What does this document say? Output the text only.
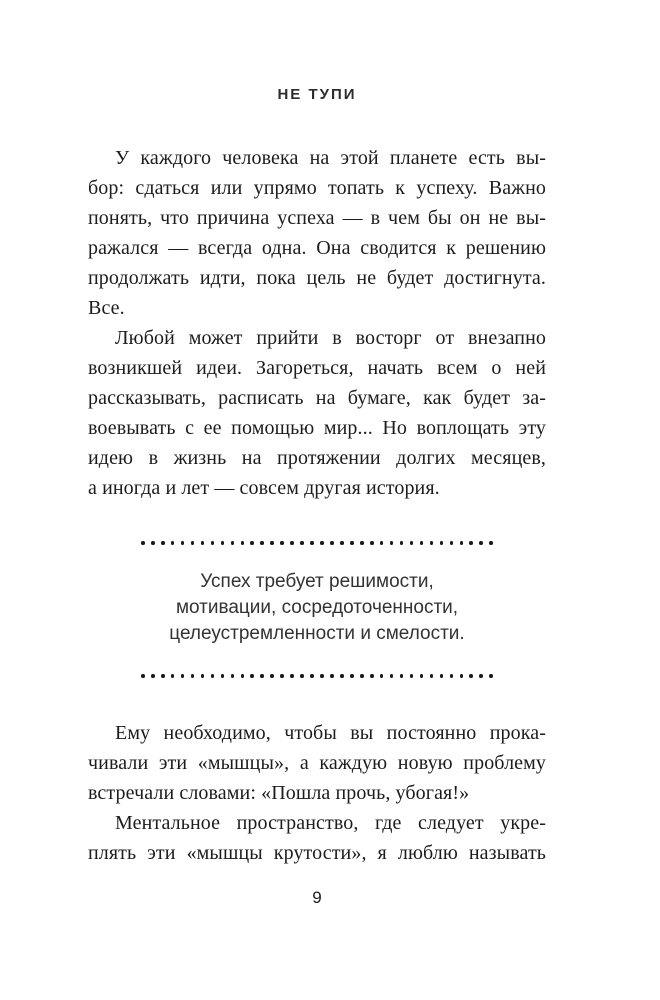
НЕ ТУПИ
У каждого человека на этой планете есть вы-
бор: сдаться или упрямо топать к успеху. Важно
понять, что причина успеха — в чем бы он не вы-
ражался — всегда одна. Она сводится к решению
продолжать идти, пока цель не будет достигнута.
Все.
Любой может прийти в восторг от внезапно
возникшей идеи. Загореться, начать всем о ней
рассказывать, расписать на бумаге, как будет за-
воевывать с ее помощью мир... Но воплощать эту
идею в жизнь на протяжении долгих месяцев,
а иногда и лет — совсем другая история.
Успех требует решимости,
мотивации, сосредоточенности,
целеустремленности и смелости.
Ему необходимо, чтобы вы постоянно прока-
чивали эти «мышцы», а каждую новую проблему
встречали словами: «Пошла прочь, убогая!»
Ментальное пространство, где следует укре-
плять эти «мышцы крутости», я люблю называть
9
